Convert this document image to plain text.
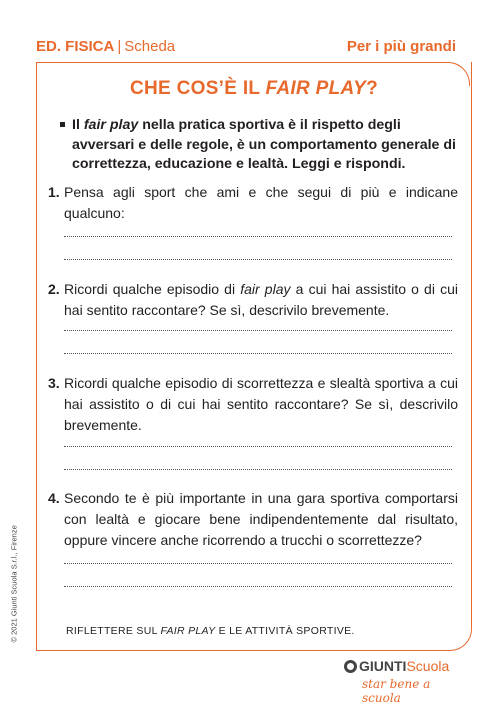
ED. FISICA | Scheda	Per i più grandi
CHE COS’È IL FAIR PLAY?
Il fair play nella pratica sportiva è il rispetto degli avversari e delle regole, è un comportamento generale di correttezza, educazione e lealtà. Leggi e rispondi.
1. Pensa agli sport che ami e che segui di più e indicane qualcuno:
2. Ricordi qualche episodio di fair play a cui hai assistito o di cui hai sentito raccontare? Se sì, descrivilo brevemente.
3. Ricordi qualche episodio di scorrettezza e slealtà sportiva a cui hai assistito o di cui hai sentito raccontare? Se sì, descrivilo brevemente.
4. Secondo te è più importante in una gara sportiva comportarsi con lealtà e giocare bene indipendentemente dal risultato, oppure vincere anche ricorrendo a trucchi o scorrettezze?
RIFLETTERE SUL FAIR PLAY E LE ATTIVITÀ SPORTIVE.
© 2021 Giunti Scuola S.r.l., Firenze
GIUNTIScuola
star bene a scuola
